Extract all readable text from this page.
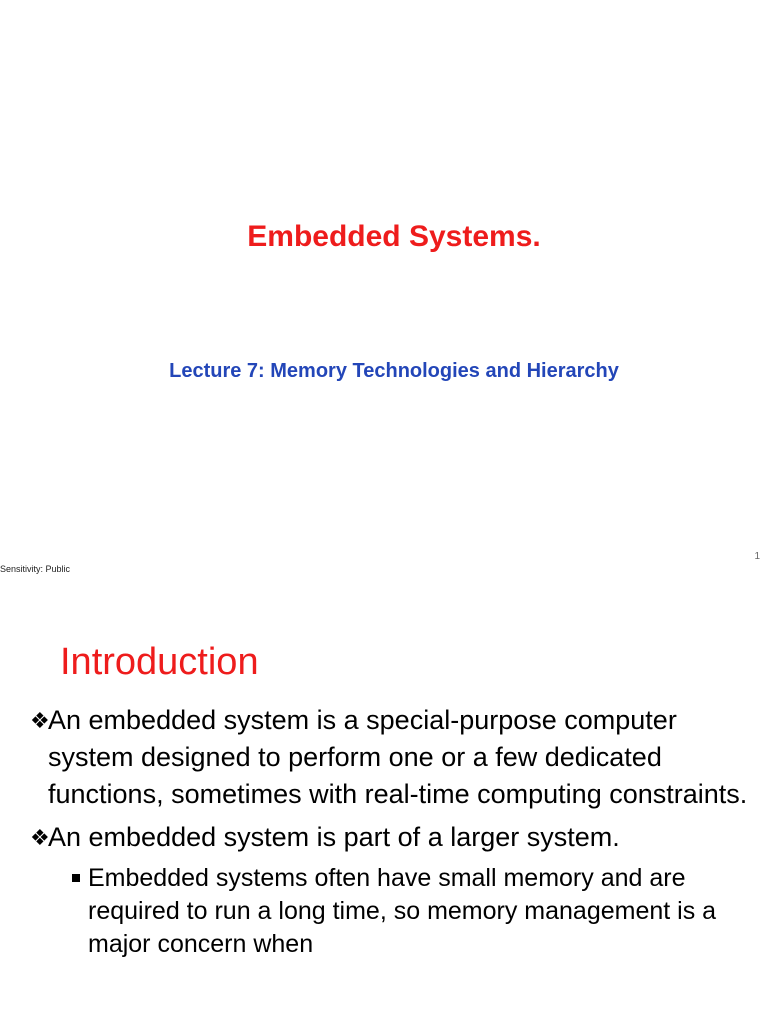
Embedded Systems.
Lecture 7: Memory Technologies and Hierarchy
1
Sensitivity: Public
Introduction
❖
An embedded system is a special-purpose computer system designed to perform one or a few dedicated functions, sometimes with real-time computing constraints.
❖
An embedded system is part of a larger system.
Embedded systems often have small memory and are required to run a long time, so memory management is a major concern when
